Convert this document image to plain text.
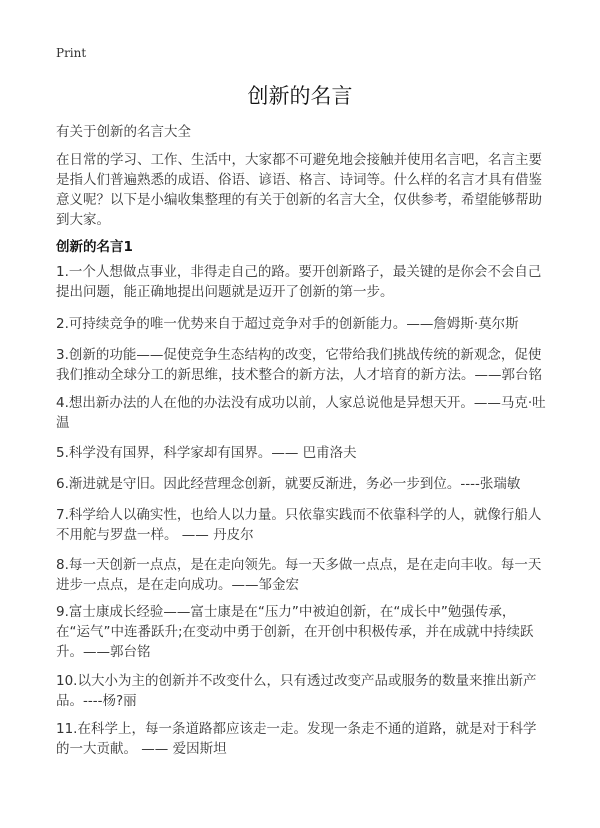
Print
创新的名言
有关于创新的名言大全

在日常的学习、工作、生活中，大家都不可避免地会接触并使用名言吧，名言主要是指人们普遍熟悉的成语、俗语、谚语、格言、诗词等。什么样的名言才具有借鉴意义呢？以下是小编收集整理的有关于创新的名言大全，仅供参考，希望能够帮助到大家。

创新的名言1
1.一个人想做点事业，非得走自己的路。要开创新路子，最关键的是你会不会自己提出问题，能正确地提出问题就是迈开了创新的第一步。
2.可持续竞争的唯一优势来自于超过竞争对手的创新能力。——詹姆斯·莫尔斯
3.创新的功能——促使竞争生态结构的改变，它带给我们挑战传统的新观念，促使我们推动全球分工的新思维，技术整合的新方法，人才培育的新方法。——郭台铭
4.想出新办法的人在他的办法没有成功以前，人家总说他是异想天开。——马克·吐温
5.科学没有国界，科学家却有国界。—— 巴甫洛夫
6.渐进就是守旧。因此经营理念创新，就要反渐进，务必一步到位。----张瑞敏
7.科学给人以确实性，也给人以力量。只依靠实践而不依靠科学的人，就像行船人不用舵与罗盘一样。 —— 丹皮尔
8.每一天创新一点点，是在走向领先。每一天多做一点点，是在走向丰收。每一天进步一点点，是在走向成功。——邹金宏
9.富士康成长经验——富士康是在“压力”中被迫创新，在“成长中”勉强传承，在“运气”中连番跃升;在变动中勇于创新，在开创中积极传承，并在成就中持续跃升。——郭台铭
10.以大小为主的创新并不改变什么，只有透过改变产品或服务的数量来推出新产品。----杨?丽
11.在科学上，每一条道路都应该走一走。发现一条走不通的道路，就是对于科学的一大贡献。 —— 爱因斯坦
